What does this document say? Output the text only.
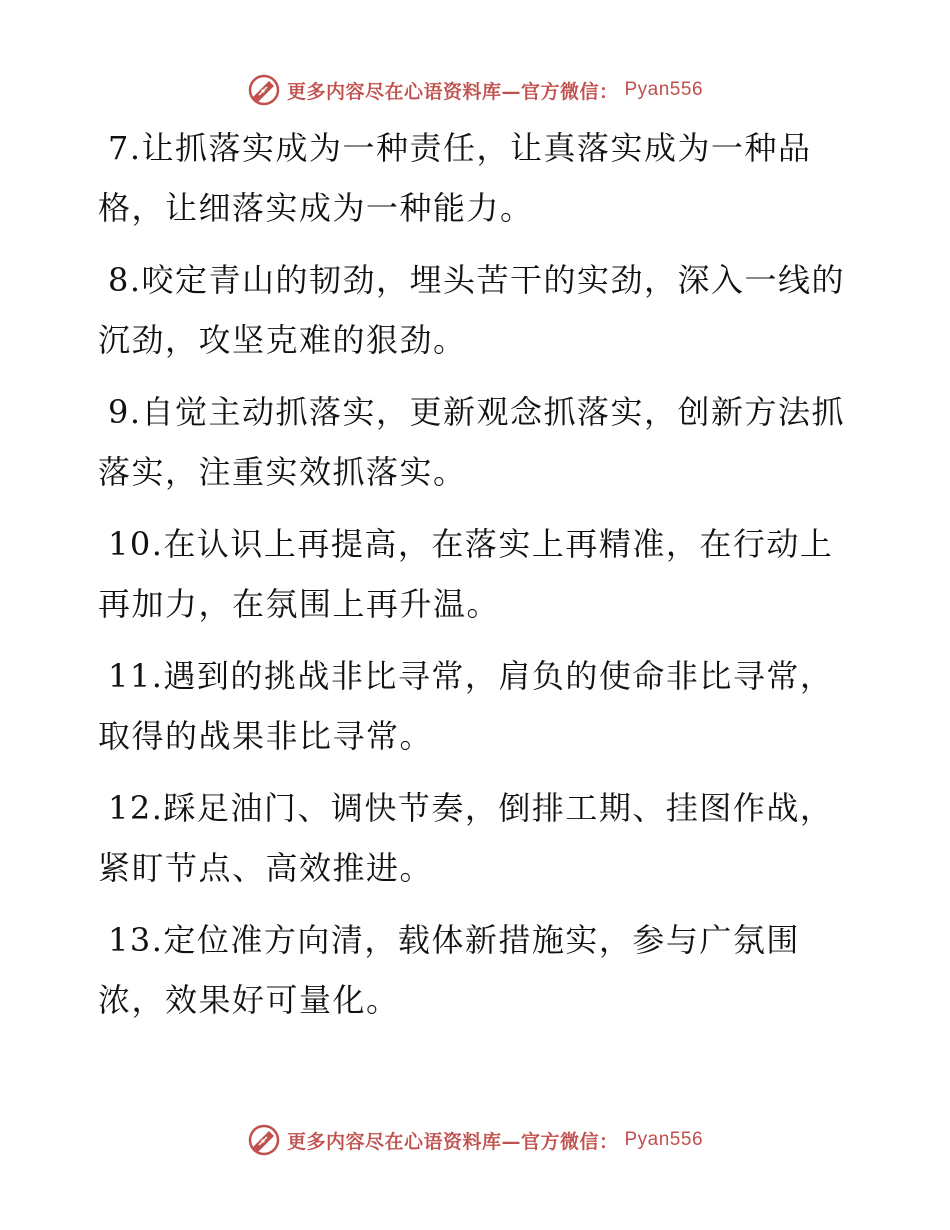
更多内容尽在心语资料库—官方微信： Pyan556

7.让抓落实成为一种责任，让真落实成为一种品格，让细落实成为一种能力。

8.咬定青山的韧劲，埋头苦干的实劲，深入一线的沉劲，攻坚克难的狠劲。

9.自觉主动抓落实，更新观念抓落实，创新方法抓落实，注重实效抓落实。

10.在认识上再提高，在落实上再精准，在行动上再加力，在氛围上再升温。

11.遇到的挑战非比寻常，肩负的使命非比寻常，取得的战果非比寻常。

12.踩足油门、调快节奏，倒排工期、挂图作战，紧盯节点、高效推进。

13.定位准方向清，载体新措施实，参与广氛围浓，效果好可量化。

更多内容尽在心语资料库—官方微信： Pyan556
